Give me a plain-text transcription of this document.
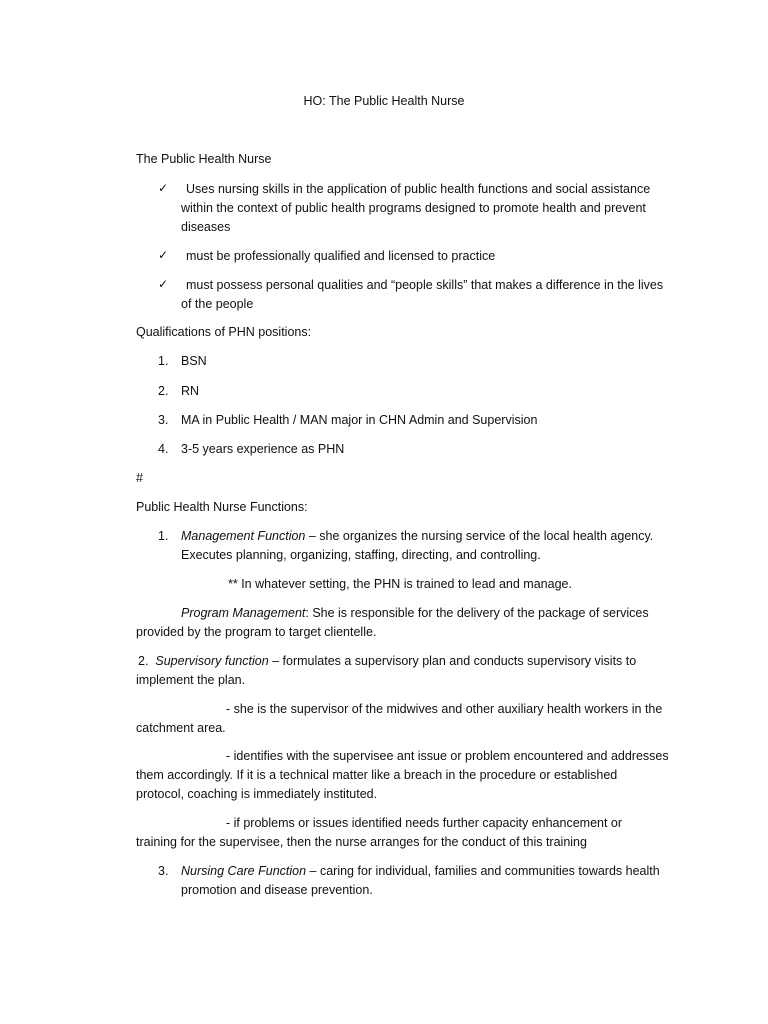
HO: The Public Health Nurse
The Public Health Nurse
✓ Uses nursing skills in the application of public health functions and social assistance
within the context of public health programs designed to promote health and prevent
diseases
✓ must be professionally qualified and licensed to practice
✓ must possess personal qualities and “people skills” that makes a difference in the lives
of the people
Qualifications of PHN positions:
1. BSN
2. RN
3. MA in Public Health / MAN major in CHN Admin and Supervision
4. 3-5 years experience as PHN
#
Public Health Nurse Functions:
1. Management Function – she organizes the nursing service of the local health agency.
Executes planning, organizing, staffing, directing, and controlling.
** In whatever setting, the PHN is trained to lead and manage.
Program Management: She is responsible for the delivery of the package of services
provided by the program to target clientelle.
2. Supervisory function – formulates a supervisory plan and conducts supervisory visits to
implement the plan.
- she is the supervisor of the midwives and other auxiliary health workers in the
catchment area.
- identifies with the supervisee ant issue or problem encountered and addresses
them accordingly. If it is a technical matter like a breach in the procedure or established
protocol, coaching is immediately instituted.
- if problems or issues identified needs further capacity enhancement or
training for the supervisee, then the nurse arranges for the conduct of this training
3. Nursing Care Function – caring for individual, families and communities towards health
promotion and disease prevention.
